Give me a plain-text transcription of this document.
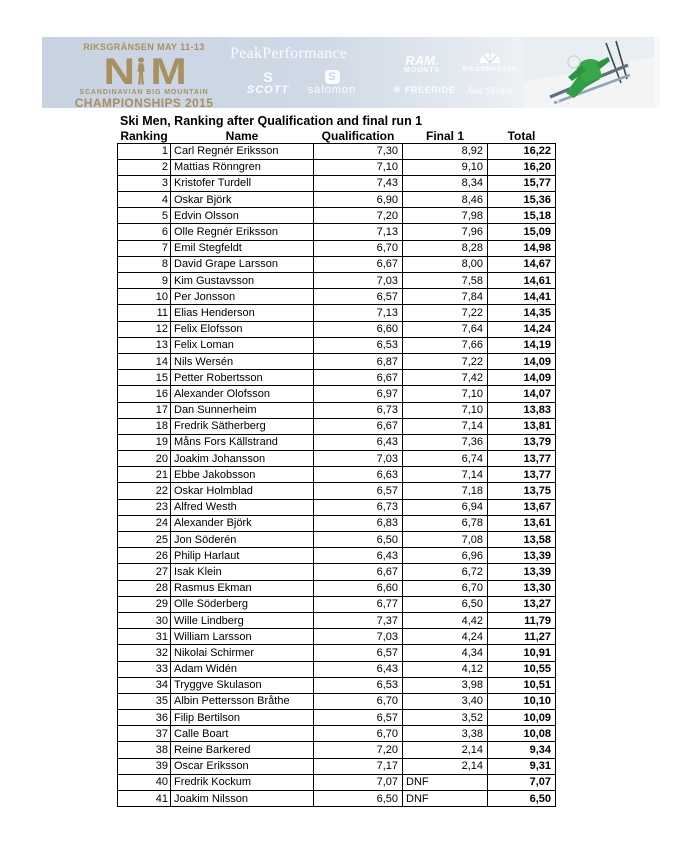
RIKSGRÄNSEN MAY 11-13
N M
SCANDINAVIAN BIG MOUNTAIN
CHAMPIONSHIPS 2015
PeakPerformance
S
SCOTT
S
salomon
RAM.
MOUNTS	RIKSGRÄNSEN
❄ FREERIDE Åka Skidor
Ski Men, Ranking after Qualification and final run 1
Ranking	Name	Qualification	Final 1	Total
1	Carl Regnér Eriksson	7,30	8,92	16,22
2	Mattias Rönngren	7,10	9,10	16,20
3	Kristofer Turdell	7,43	8,34	15,77
4	Oskar Björk	6,90	8,46	15,36
5	Edvin Olsson	7,20	7,98	15,18
6	Olle Regnér Eriksson	7,13	7,96	15,09
7	Emil Stegfeldt	6,70	8,28	14,98
8	David Grape Larsson	6,67	8,00	14,67
9	Kim Gustavsson	7,03	7,58	14,61
10	Per Jonsson	6,57	7,84	14,41
11	Elias Henderson	7,13	7,22	14,35
12	Felix Elofsson	6,60	7,64	14,24
13	Felix Loman	6,53	7,66	14,19
14	Nils Wersén	6,87	7,22	14,09
15	Petter Robertsson	6,67	7,42	14,09
16	Alexander Olofsson	6,97	7,10	14,07
17	Dan Sunnerheim	6,73	7,10	13,83
18	Fredrik Sätherberg	6,67	7,14	13,81
19	Måns Fors Källstrand	6,43	7,36	13,79
20	Joakim Johansson	7,03	6,74	13,77
21	Ebbe Jakobsson	6,63	7,14	13,77
22	Oskar Holmblad	6,57	7,18	13,75
23	Alfred Westh	6,73	6,94	13,67
24	Alexander Björk	6,83	6,78	13,61
25	Jon Söderén	6,50	7,08	13,58
26	Philip Harlaut	6,43	6,96	13,39
27	Isak Klein	6,67	6,72	13,39
28	Rasmus Ekman	6,60	6,70	13,30
29	Olle Söderberg	6,77	6,50	13,27
30	Wille Lindberg	7,37	4,42	11,79
31	William Larsson	7,03	4,24	11,27
32	Nikolai Schirmer	6,57	4,34	10,91
33	Adam Widén	6,43	4,12	10,55
34	Tryggve Skulason	6,53	3,98	10,51
35	Albin Pettersson Bråthe	6,70	3,40	10,10
36	Filip Bertilson	6,57	3,52	10,09
37	Calle Boart	6,70	3,38	10,08
38	Reine Barkered	7,20	2,14	9,34
39	Oscar Eriksson	7,17	2,14	9,31
40	Fredrik Kockum	7,07	DNF	7,07
41	Joakim Nilsson	6,50	DNF	6,50
